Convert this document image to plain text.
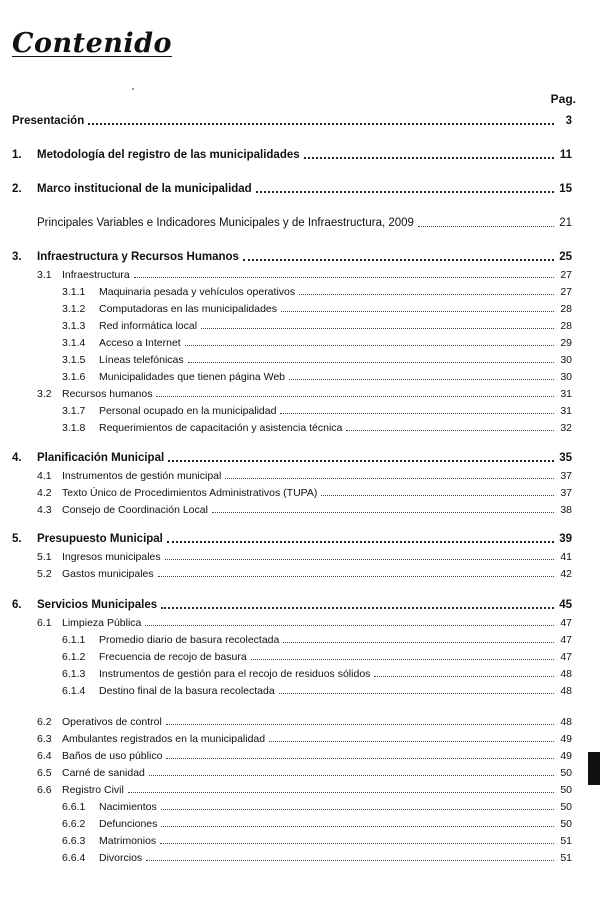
Contenido
Pag.
Presentación	3
1.	Metodología del registro de las municipalidades	11
2.	Marco institucional de la municipalidad	15
Principales Variables e Indicadores Municipales y de Infraestructura, 2009	21
3.	Infraestructura y Recursos Humanos	25
3.1 Infraestructura	27
3.1.1	Maquinaria pesada y vehículos operativos	27
3.1.2	Computadoras en las municipalidades	28
3.1.3	Red informática local	28
3.1.4	Acceso a Internet	29
3.1.5	Líneas telefónicas	30
3.1.6	Municipalidades que tienen página Web	30
3.2 Recursos humanos	31
3.1.7	Personal ocupado en la municipalidad	31
3.1.8	Requerimientos de capacitación y asistencia técnica	32
4.	Planificación Municipal	35
4.1 Instrumentos de gestión municipal	37
4.2 Texto Único de Procedimientos Administrativos (TUPA)	37
4.3 Consejo de Coordinación Local	38
5.	Presupuesto Municipal	39
5.1 Ingresos municipales	41
5.2 Gastos municipales	42
6.	Servicios Municipales	45
6.1 Limpieza Pública	47
6.1.1	Promedio diario de basura recolectada	47
6.1.2	Frecuencia de recojo de basura	47
6.1.3	Instrumentos de gestión para el recojo de residuos sólidos	48
6.1.4	Destino final de la basura recolectada	48
6.2 Operativos de control	48
6.3 Ambulantes registrados en la municipalidad	49
6.4 Baños de uso público	49
6.5 Carné de sanidad	50
6.6 Registro Civil	50
6.6.1	Nacimientos	50
6.6.2	Defunciones	50
6.6.3	Matrimonios	51
6.6.4	Divorcios	51
